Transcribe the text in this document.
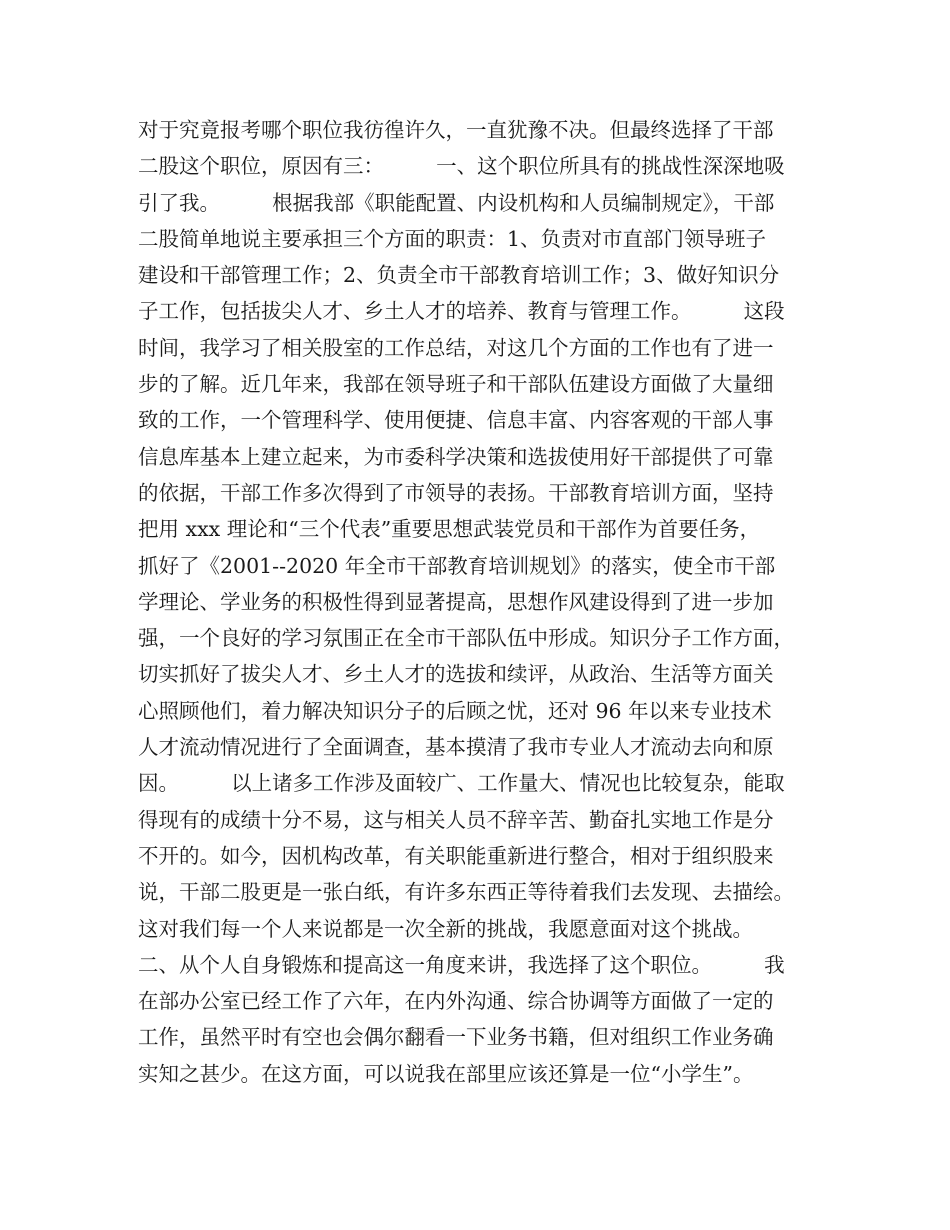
对于究竟报考哪个职位我彷徨许久，一直犹豫不决。但最终选择了干部
二股这个职位，原因有三：        一、这个职位所具有的挑战性深深地吸
引了我。        根据我部《职能配置、内设机构和人员编制规定》，干部
二股简单地说主要承担三个方面的职责：1、负责对市直部门领导班子
建设和干部管理工作；2、负责全市干部教育培训工作；3、做好知识分
子工作，包括拔尖人才、乡土人才的培养、教育与管理工作。        这段
时间，我学习了相关股室的工作总结，对这几个方面的工作也有了进一
步的了解。近几年来，我部在领导班子和干部队伍建设方面做了大量细
致的工作，一个管理科学、使用便捷、信息丰富、内容客观的干部人事
信息库基本上建立起来，为市委科学决策和选拔使用好干部提供了可靠
的依据，干部工作多次得到了市领导的表扬。干部教育培训方面，坚持
把用 xxx 理论和“三个代表”重要思想武装党员和干部作为首要任务，
抓好了《2001--2020 年全市干部教育培训规划》的落实，使全市干部
学理论、学业务的积极性得到显著提高，思想作风建设得到了进一步加
强，一个良好的学习氛围正在全市干部队伍中形成。知识分子工作方面，
切实抓好了拔尖人才、乡土人才的选拔和续评，从政治、生活等方面关
心照顾他们，着力解决知识分子的后顾之忧，还对 96 年以来专业技术
人才流动情况进行了全面调查，基本摸清了我市专业人才流动去向和原
因。        以上诸多工作涉及面较广、工作量大、情况也比较复杂，能取
得现有的成绩十分不易，这与相关人员不辞辛苦、勤奋扎实地工作是分
不开的。如今，因机构改革，有关职能重新进行整合，相对于组织股来
说，干部二股更是一张白纸，有许多东西正等待着我们去发现、去描绘。
这对我们每一个人来说都是一次全新的挑战，我愿意面对这个挑战。
二、从个人自身锻炼和提高这一角度来讲，我选择了这个职位。        我
在部办公室已经工作了六年，在内外沟通、综合协调等方面做了一定的
工作，虽然平时有空也会偶尔翻看一下业务书籍，但对组织工作业务确
实知之甚少。在这方面，可以说我在部里应该还算是一位“小学生”。
